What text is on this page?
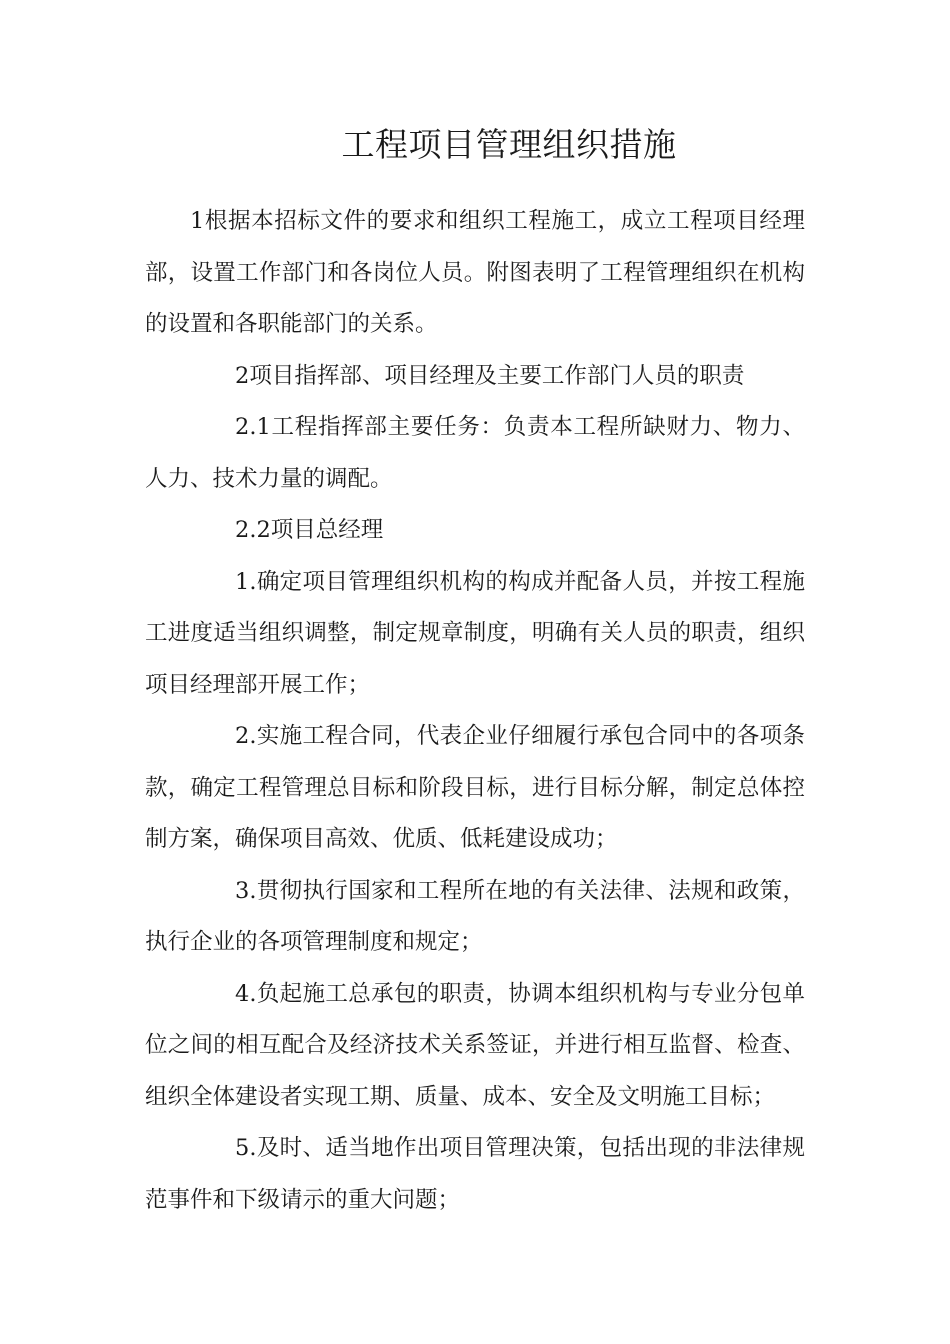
工程项目管理组织措施

1根据本招标文件的要求和组织工程施工，成立工程项目经理部，设置工作部门和各岗位人员。附图表明了工程管理组织在机构的设置和各职能部门的关系。

2项目指挥部、项目经理及主要工作部门人员的职责

2.1工程指挥部主要任务：负责本工程所缺财力、物力、人力、技术力量的调配。

2.2项目总经理

1.确定项目管理组织机构的构成并配备人员，并按工程施工进度适当组织调整，制定规章制度，明确有关人员的职责，组织项目经理部开展工作；

2.实施工程合同，代表企业仔细履行承包合同中的各项条款，确定工程管理总目标和阶段目标，进行目标分解，制定总体控制方案，确保项目高效、优质、低耗建设成功；

3.贯彻执行国家和工程所在地的有关法律、法规和政策，执行企业的各项管理制度和规定；

4.负起施工总承包的职责，协调本组织机构与专业分包单位之间的相互配合及经济技术关系签证，并进行相互监督、检查、组织全体建设者实现工期、质量、成本、安全及文明施工目标；

5.及时、适当地作出项目管理决策，包括出现的非法律规范事件和下级请示的重大问题；
